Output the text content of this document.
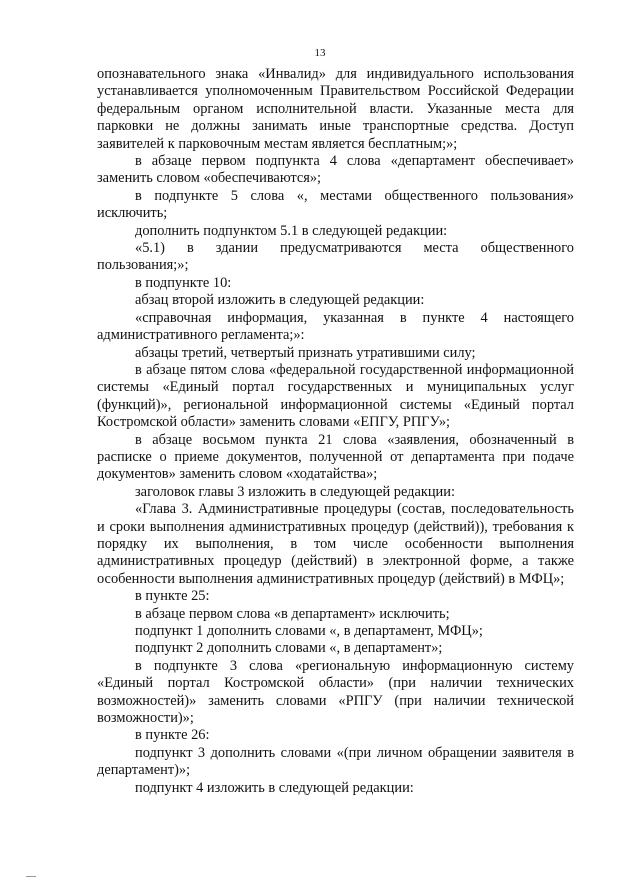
13

опознавательного знака «Инвалид» для индивидуального использования устанавливается уполномоченным Правительством Российской Федерации федеральным органом исполнительной власти. Указанные места для парковки не должны занимать иные транспортные средства. Доступ заявителей к парковочным местам является бесплатным;»;

в абзаце первом подпункта 4 слова «департамент обеспечивает» заменить словом «обеспечиваются»;

в подпункте 5 слова «, местами общественного пользования» исключить;

дополнить подпунктом 5.1 в следующей редакции:

«5.1) в здании предусматриваются места общественного пользования;»;

в подпункте 10:

абзац второй изложить в следующей редакции:

«справочная информация, указанная в пункте 4 настоящего административного регламента;»:

абзацы третий, четвертый признать утратившими силу;

в абзаце пятом слова «федеральной государственной информационной системы «Единый портал государственных и муниципальных услуг (функций)», региональной информационной системы «Единый портал Костромской области» заменить словами «ЕПГУ, РПГУ»;

в абзаце восьмом пункта 21 слова «заявления, обозначенный в расписке о приеме документов, полученной от департамента при подаче документов» заменить словом «ходатайства»;

заголовок главы 3 изложить в следующей редакции:

«Глава 3. Административные процедуры (состав, последовательность и сроки выполнения административных процедур (действий)), требования к порядку их выполнения, в том числе особенности выполнения административных процедур (действий) в электронной форме, а также особенности выполнения административных процедур (действий) в МФЦ»;

в пункте 25:

в абзаце первом слова «в департамент» исключить;

подпункт 1 дополнить словами «, в департамент, МФЦ»;

подпункт 2 дополнить словами «, в департамент»;

в подпункте 3 слова «региональную информационную систему «Единый портал Костромской области» (при наличии технических возможностей)» заменить словами «РПГУ (при наличии технической возможности)»;

в пункте 26:

подпункт 3 дополнить словами «(при личном обращении заявителя в департамент)»;

подпункт 4 изложить в следующей редакции:
